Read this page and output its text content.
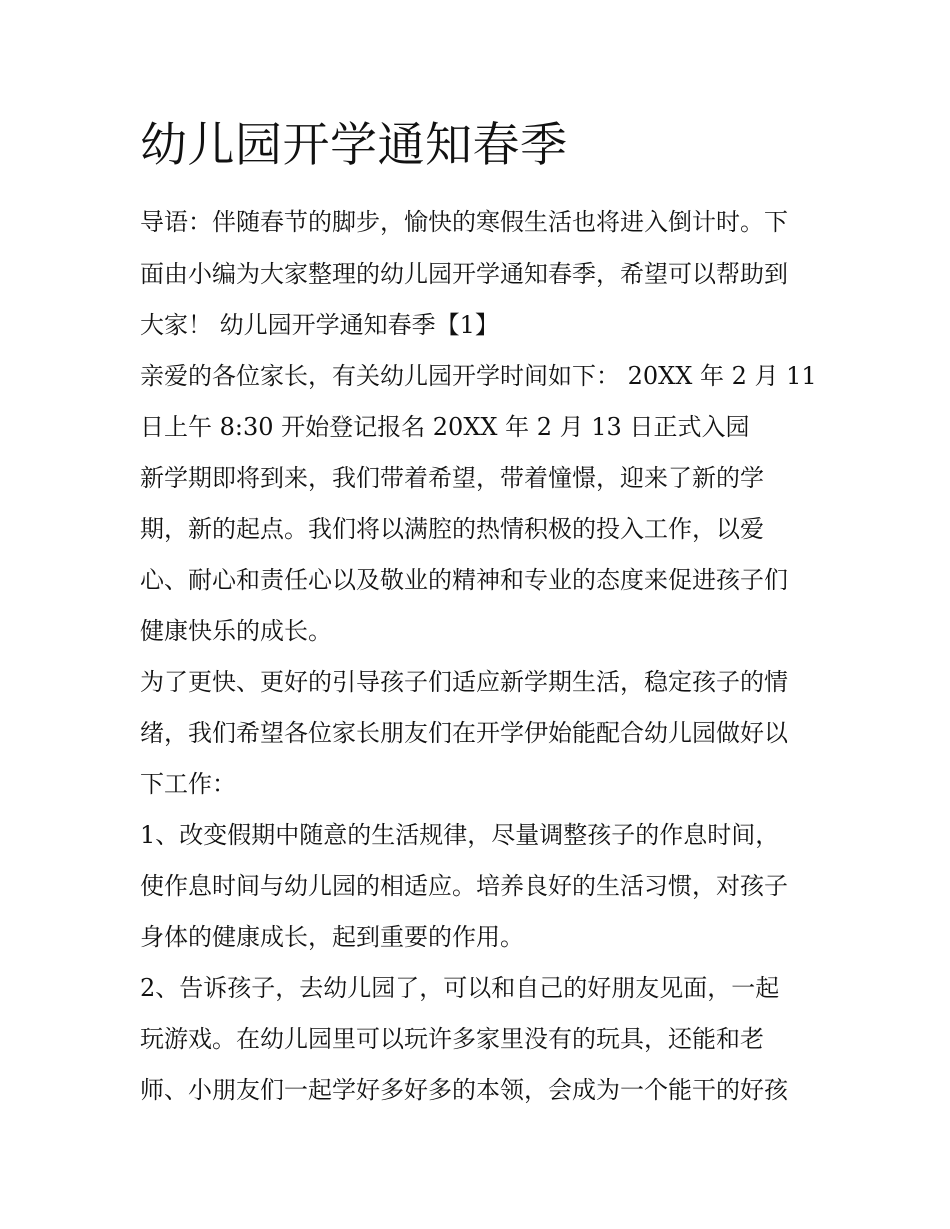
幼儿园开学通知春季

导语：伴随春节的脚步，愉快的寒假生活也将进入倒计时。下

面由小编为大家整理的幼儿园开学通知春季，希望可以帮助到

大家！ 幼儿园开学通知春季【1】

亲爱的各位家长，有关幼儿园开学时间如下： 20XX 年 2 月 11

日上午 8:30 开始登记报名 20XX 年 2 月 13 日正式入园

新学期即将到来，我们带着希望，带着憧憬，迎来了新的学

期，新的起点。我们将以满腔的热情积极的投入工作，以爱

心、耐心和责任心以及敬业的精神和专业的态度来促进孩子们

健康快乐的成长。

为了更快、更好的引导孩子们适应新学期生活，稳定孩子的情

绪，我们希望各位家长朋友们在开学伊始能配合幼儿园做好以

下工作：

1、改变假期中随意的生活规律，尽量调整孩子的作息时间，

使作息时间与幼儿园的相适应。培养良好的生活习惯，对孩子

身体的健康成长，起到重要的作用。

2、告诉孩子，去幼儿园了，可以和自己的好朋友见面，一起

玩游戏。在幼儿园里可以玩许多家里没有的玩具，还能和老

师、小朋友们一起学好多好多的本领，会成为一个能干的好孩
